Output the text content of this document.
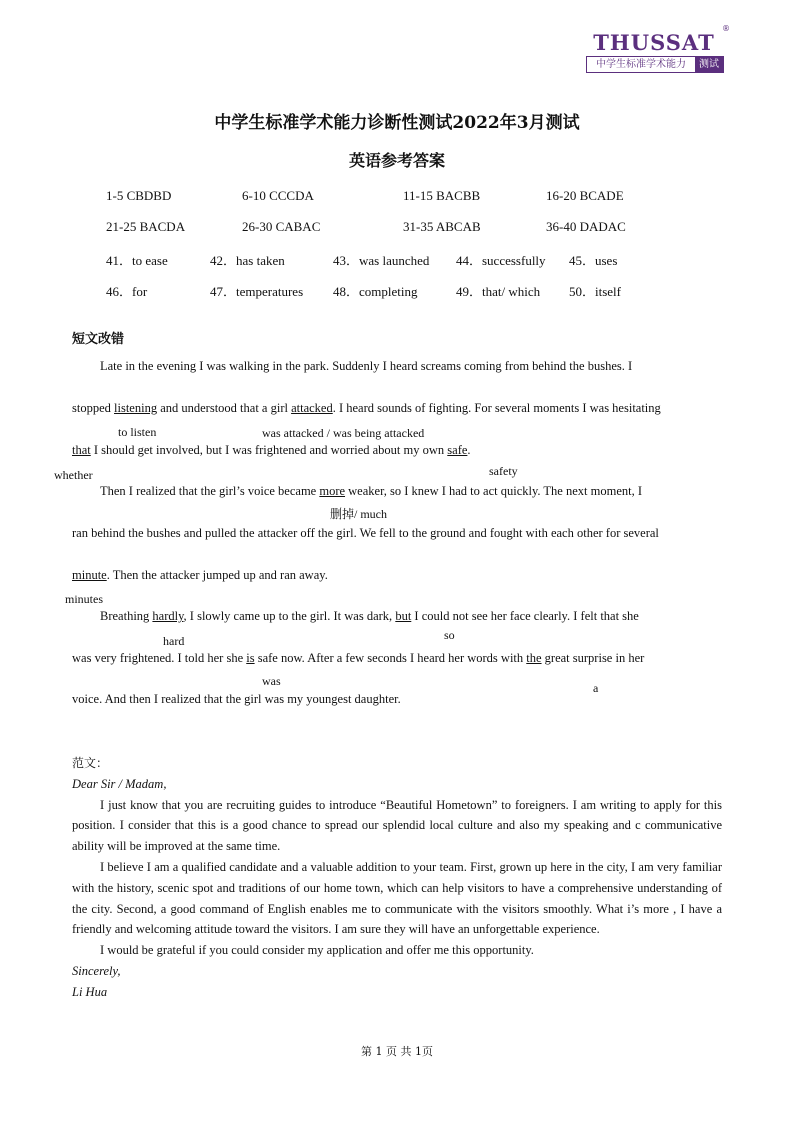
THUSSAT
®
中学生标准学术能力	测试
中学生标准学术能力诊断性测试2022年3月测试
英语参考答案
1-5 CBDBD	6-10 CCCDA	11-15 BACBB	16-20 BCADE
21-25 BACDA	26-30 CABAC	31-35 ABCAB	36-40 DADAC
41．to ease	42．has taken	43．was launched 44．successfully 45．uses
46．for	47．temperatures 48．completing	49．that/ which 50．itself
短文改错
Late in the evening I was walking in the park. Suddenly I heard screams coming from behind the bushes. I
stopped listening and understood that a girl attacked. I heard sounds of fighting. For several moments I was hesitating
to listen	was attacked / was being attacked
that I should get involved, but I was frightened and worried about my own safe.
whether	safety
Then I realized that the girl’s voice became more weaker, so I knew I had to act quickly. The next moment, I
删掉/ much
ran behind the bushes and pulled the attacker off the girl. We fell to the ground and fought with each other for several
minute. Then the attacker jumped up and ran away.
minutes
Breathing hardly, I slowly came up to the girl. It was dark, but I could not see her face clearly. I felt that she
hard	so
was very frightened. I told her she is safe now. After a few seconds I heard her words with the great surprise in her
was	a
voice. And then I realized that the girl was my youngest daughter.

范文：

Dear Sir / Madam,

I just know that you are recruiting guides to introduce “Beautiful Hometown” to foreigners. I am writing to apply for this position. I consider that this is a good chance to spread our splendid local culture and also my speaking and c communicative ability will be improved at the same time.

I believe I am a qualified candidate and a valuable addition to your team. First, grown up here in the city, I am very familiar with the history, scenic spot and traditions of our home town, which can help visitors to have a comprehensive understanding of the city. Second, a good command of English enables me to communicate with the visitors smoothly. What i’s more , I have a friendly and welcoming attitude toward the visitors. I am sure they will have an unforgettable experience.

I would be grateful if you could consider my application and offer me this opportunity.

Sincerely,

Li Hua

第 1 页 共 1页
